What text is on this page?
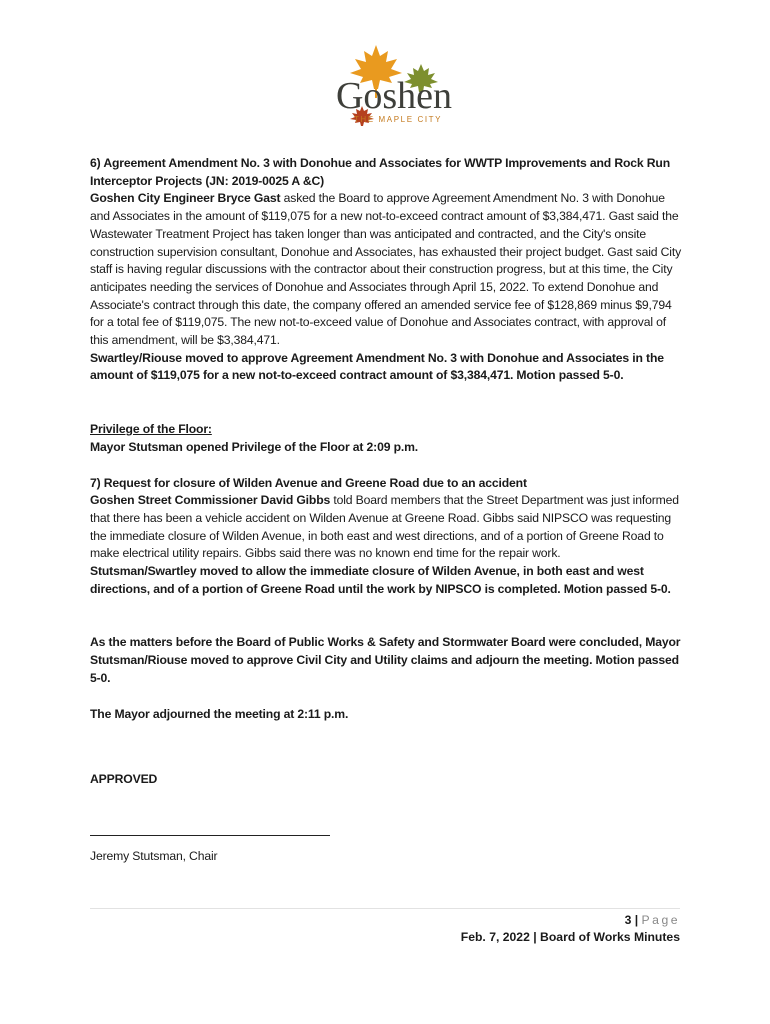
Goshen
THE MAPLE CITY

6) Agreement Amendment No. 3 with Donohue and Associates for WWTP Improvements and Rock Run
Interceptor Projects (JN: 2019-0025 A &C)

Goshen City Engineer Bryce Gast asked the Board to approve Agreement Amendment No. 3 with Donohue and Associates in the amount of $119,075 for a new not-to-exceed contract amount of $3,384,471. Gast said the Wastewater Treatment Project has taken longer than was anticipated and contracted, and the City's onsite construction supervision consultant, Donohue and Associates, has exhausted their project budget. Gast said City staff is having regular discussions with the contractor about their construction progress, but at this time, the City anticipates needing the services of Donohue and Associates through April 15, 2022. To extend Donohue and Associate's contract through this date, the company offered an amended service fee of $128,869 minus $9,794 for a total fee of $119,075. The new not-to-exceed value of Donohue and Associates contract, with approval of this amendment, will be $3,384,471.

Swartley/Riouse moved to approve Agreement Amendment No. 3 with Donohue and Associates in the amount of $119,075 for a new not-to-exceed contract amount of $3,384,471. Motion passed 5-0.

Privilege of the Floor:

Mayor Stutsman opened Privilege of the Floor at 2:09 p.m.

7) Request for closure of Wilden Avenue and Greene Road due to an accident

Goshen Street Commissioner David Gibbs told Board members that the Street Department was just informed that there has been a vehicle accident on Wilden Avenue at Greene Road. Gibbs said NIPSCO was requesting the immediate closure of Wilden Avenue, in both east and west directions, and of a portion of Greene Road to make electrical utility repairs. Gibbs said there was no known end time for the repair work.

Stutsman/Swartley moved to allow the immediate closure of Wilden Avenue, in both east and west directions, and of a portion of Greene Road until the work by NIPSCO is completed. Motion passed 5-0.

As the matters before the Board of Public Works & Safety and Stormwater Board were concluded, Mayor Stutsman/Riouse moved to approve Civil City and Utility claims and adjourn the meeting. Motion passed 5-0.

The Mayor adjourned the meeting at 2:11 p.m.

APPROVED

Jeremy Stutsman, Chair

3 | Page
Feb. 7, 2022 | Board of Works Minutes
